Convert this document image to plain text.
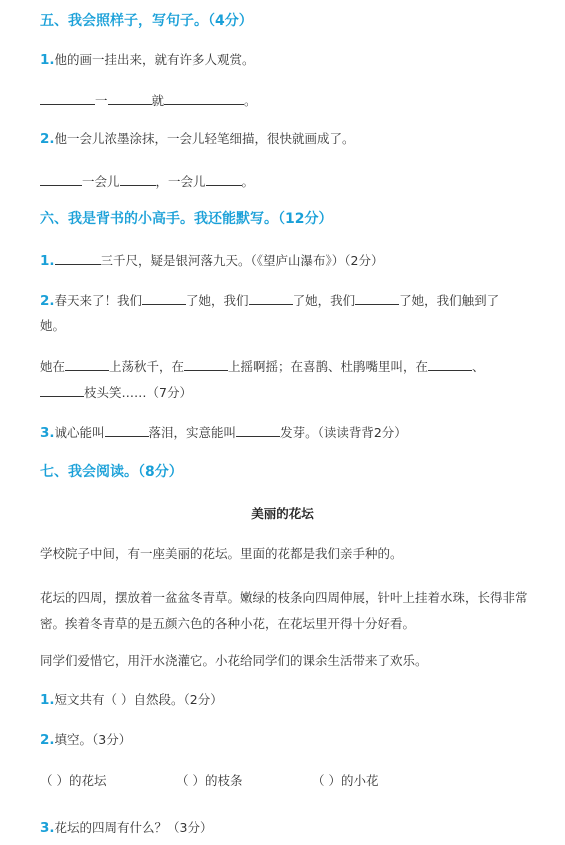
五、我会照样子，写句子。（4分）
1.他的画一挂出来，就有许多人观赏。
一	就	。
2.他一会儿浓墨涂抹，一会儿轻笔细描，很快就画成了。
一会儿	，一会儿	。
六、我是背书的小高手。我还能默写。（12分）
1.	三千尺，疑是银河落九天。（《望庐山瀑布》）（2分）
2.春天来了！我们	了她，我们	了她，我们	了她，我们触到了
她。
她在	上荡秋千，在	上摇啊摇；在喜鹊、杜鹃嘴里叫，在	、
枝头笑……（7分）
3.诚心能叫	落泪，实意能叫	发芽。（读读背背2分）
七、我会阅读。（8分）
美丽的花坛
学校院子中间，有一座美丽的花坛。里面的花都是我们亲手种的。
花坛的四周，摆放着一盆盆冬青草。嫩绿的枝条向四周伸展，针叶上挂着水珠，长得非常密。挨着冬青草的是五颜六色的各种小花，在花坛里开得十分好看。
同学们爱惜它，用汗水浇灌它。小花给同学们的课余生活带来了欢乐。
1.短文共有（ ）自然段。（2分）
2.填空。（3分）
（ ）的花坛	（ ）的枝条	（ ）的小花
3.花坛的四周有什么？（3分）
